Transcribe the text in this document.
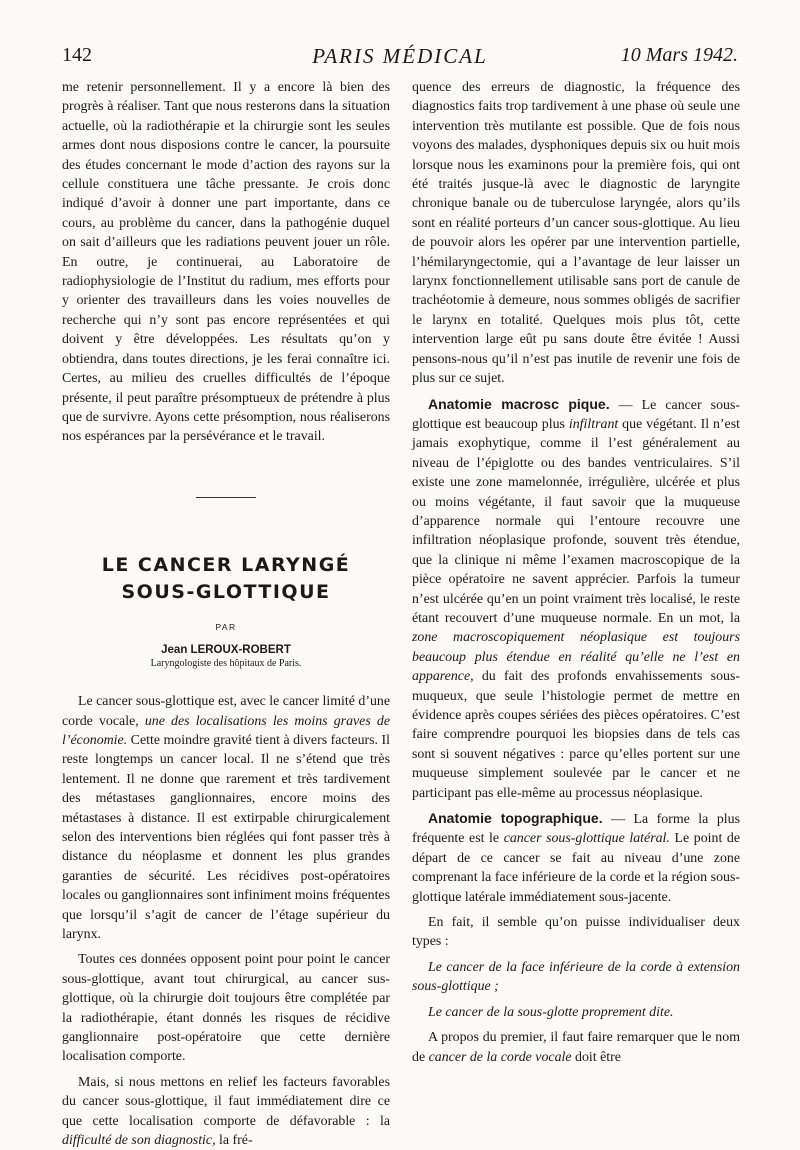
142	PARIS MÉDICAL	10 Mars 1942.

me retenir personnellement. Il y a encore là bien des progrès à réaliser. Tant que nous resterons dans la situation actuelle, où la radiothérapie et la chirurgie sont les seules armes dont nous disposions contre le cancer, la poursuite des études concernant le mode d’action des rayons sur la cellule constituera une tâche pressante. Je crois donc indiqué d’avoir à donner une part importante, dans ce cours, au problème du cancer, dans la pathogénie duquel on sait d’ailleurs que les radiations peuvent jouer un rôle. En outre, je continuerai, au Laboratoire de radiophysiologie de l’Institut du radium, mes efforts pour y orienter des travailleurs dans les voies nouvelles de recherche qui n’y sont pas encore représentées et qui doivent y être développées. Les résultats qu’on y obtiendra, dans toutes directions, je les ferai connaître ici. Certes, au milieu des cruelles difficultés de l’époque présente, il peut paraître présomptueux de prétendre à plus que de survivre. Ayons cette présomption, nous réaliserons nos espérances par la persévérance et le travail.

LE CANCER LARYNGÉ
SOUS-GLOTTIQUE
PAR
Jean LEROUX-ROBERT
Laryngologiste des hôpitaux de Paris.

Le cancer sous-glottique est, avec le cancer limité d’une corde vocale, une des localisations les moins graves de l’économie. Cette moindre gravité tient à divers facteurs. Il reste longtemps un cancer local. Il ne s’étend que très lentement. Il ne donne que rarement et très tardivement des métastases ganglionnaires, encore moins des métastases à distance. Il est extirpable chirurgicalement selon des interventions bien réglées qui font passer très à distance du néoplasme et donnent les plus grandes garanties de sécurité. Les récidives post-opératoires locales ou ganglionnaires sont infiniment moins fréquentes que lorsqu’il s’agit de cancer de l’étage supérieur du larynx.

Toutes ces données opposent point pour point le cancer sous-glottique, avant tout chirurgical, au cancer sus-glottique, où la chirurgie doit toujours être complétée par la radiothérapie, étant donnés les risques de récidive ganglionnaire post-opératoire que cette dernière localisation comporte.

Mais, si nous mettons en relief les facteurs favorables du cancer sous-glottique, il faut immédiatement dire ce que cette localisation comporte de défavorable : la difficulté de son diagnostic, la fré-

quence des erreurs de diagnostic, la fréquence des diagnostics faits trop tardivement à une phase où seule une intervention très mutilante est possible. Que de fois nous voyons des malades, dysphoniques depuis six ou huit mois lorsque nous les examinons pour la première fois, qui ont été traités jusque-là avec le diagnostic de laryngite chronique banale ou de tuberculose laryngée, alors qu’ils sont en réalité porteurs d’un cancer sous-glottique. Au lieu de pouvoir alors les opérer par une intervention partielle, l’hémilaryngectomie, qui a l’avantage de leur laisser un larynx fonctionnellement utilisable sans port de canule de trachéotomie à demeure, nous sommes obligés de sacrifier le larynx en totalité. Quelques mois plus tôt, cette intervention large eût pu sans doute être évitée ! Aussi pensons-nous qu’il n’est pas inutile de revenir une fois de plus sur ce sujet.

Anatomie macrosc pique. — Le cancer sous-glottique est beaucoup plus infiltrant que végétant. Il n’est jamais exophytique, comme il l’est généralement au niveau de l’épiglotte ou des bandes ventriculaires. S’il existe une zone mamelonnée, irrégulière, ulcérée et plus ou moins végétante, il faut savoir que la muqueuse d’apparence normale qui l’entoure recouvre une infiltration néoplasique profonde, souvent très étendue, que la clinique ni même l’examen macroscopique de la pièce opératoire ne savent apprécier. Parfois la tumeur n’est ulcérée qu’en un point vraiment très localisé, le reste étant recouvert d’une muqueuse normale. En un mot, la zone macroscopiquement néoplasique est toujours beaucoup plus étendue en réalité qu’elle ne l’est en apparence, du fait des profonds envahissements sous-muqueux, que seule l’histologie permet de mettre en évidence après coupes sériées des pièces opératoires. C’est faire comprendre pourquoi les biopsies dans de tels cas sont si souvent négatives : parce qu’elles portent sur une muqueuse simplement soulevée par le cancer et ne participant pas elle-même au processus néoplasique.

Anatomie topographique. — La forme la plus fréquente est le cancer sous-glottique latéral. Le point de départ de ce cancer se fait au niveau d’une zone comprenant la face inférieure de la corde et la région sous-glottique latérale immédiatement sous-jacente.

En fait, il semble qu’on puisse individualiser deux types :

Le cancer de la face inférieure de la corde à extension sous-glottique ;

Le cancer de la sous-glotte proprement dite.

A propos du premier, il faut faire remarquer que le nom de cancer de la corde vocale doit être
